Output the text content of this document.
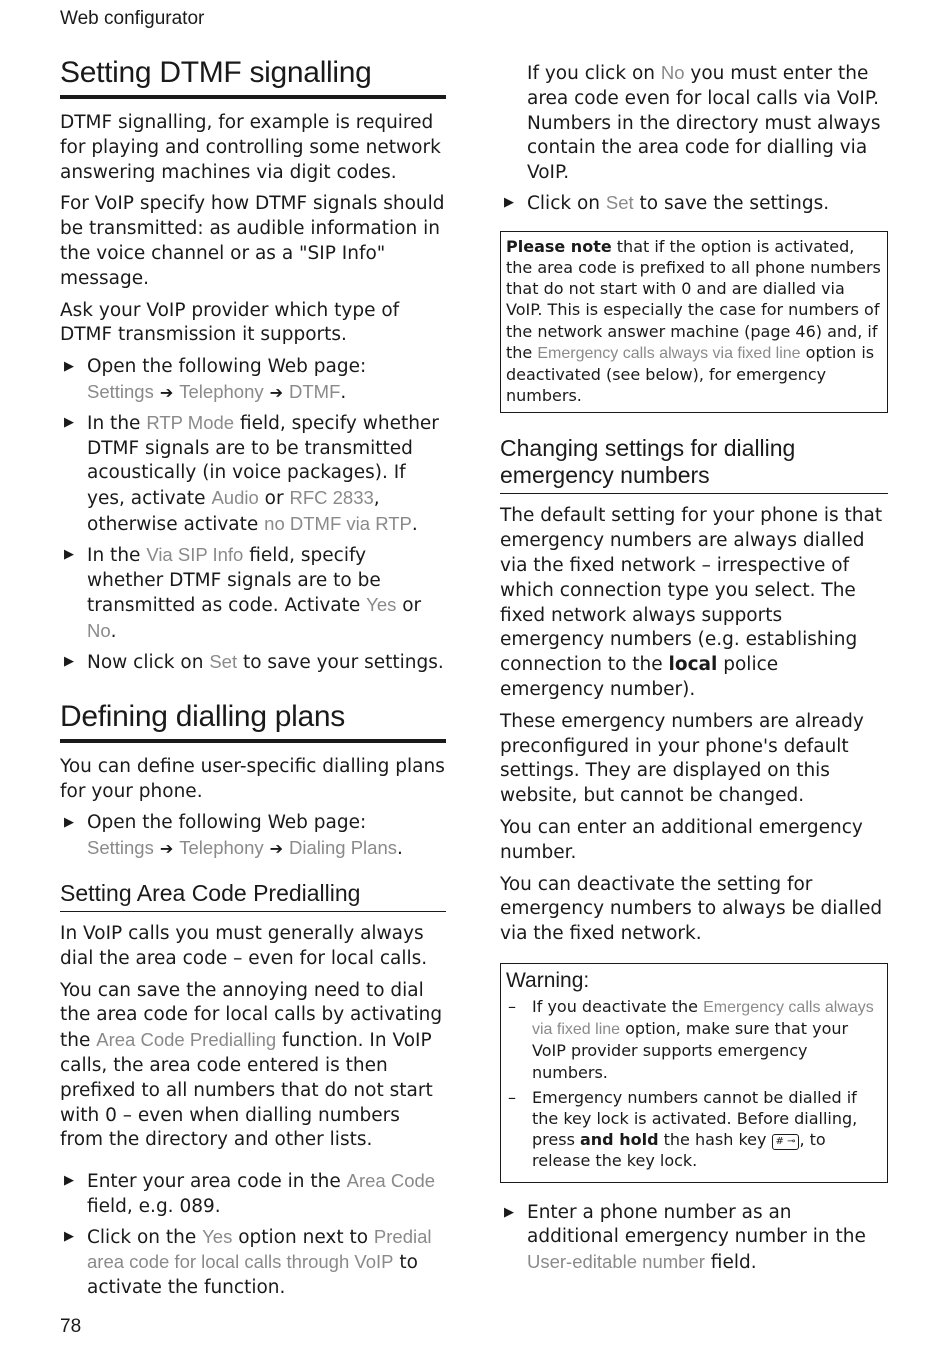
Web configurator
Setting DTMF signalling

DTMF signalling, for example is required for playing and controlling some network answering machines via digit codes.

For VoIP specify how DTMF signals should be transmitted: as audible information in the voice channel or as a "SIP Info" message.

Ask your VoIP provider which type of DTMF transmission it supports.

▶ Open the following Web page:
Settings ➔ Telephony ➔ DTMF.
▶ In the RTP Mode field, specify whether DTMF signals are to be transmitted acoustically (in voice packages). If yes, activate Audio or RFC 2833, otherwise activate no DTMF via RTP.
▶ In the Via SIP Info field, specify whether DTMF signals are to be transmitted as code. Activate Yes or No.
▶ Now click on Set to save your settings.
Defining dialling plans

You can define user-specific dialling plans for your phone.

▶ Open the following Web page:
Settings ➔ Telephony ➔ Dialing Plans.
Setting Area Code Predialling

In VoIP calls you must generally always dial the area code – even for local calls.

You can save the annoying need to dial the area code for local calls by activating the Area Code Predialling function. In VoIP calls, the area code entered is then prefixed to all numbers that do not start with 0 – even when dialling numbers from the directory and other lists.

▶ Enter your area code in the Area Code field, e.g. 089.
▶ Click on the Yes option next to Predial area code for local calls through VoIP to activate the function.
If you click on No you must enter the area code even for local calls via VoIP. Numbers in the directory must always contain the area code for dialling via VoIP.
▶ Click on Set to save the settings.
Please note that if the option is activated, the area code is prefixed to all phone numbers that do not start with 0 and are dialled via VoIP. This is especially the case for numbers of the network answer machine (page 46) and, if the Emergency calls always via fixed line option is deactivated (see below), for emergency numbers.
Changing settings for dialling emergency numbers

The default setting for your phone is that emergency numbers are always dialled via the fixed network – irrespective of which connection type you select. The fixed network always supports emergency numbers (e.g. establishing connection to the local police emergency number).

These emergency numbers are already preconfigured in your phone's default settings. They are displayed on this website, but cannot be changed.

You can enter an additional emergency number.

You can deactivate the setting for emergency numbers to always be dialled via the fixed network.

Warning:
– If you deactivate the Emergency calls always via fixed line option, make sure that your VoIP provider supports emergency numbers.
– Emergency numbers cannot be dialled if the key lock is activated. Before dialling, press and hold the hash key # ⊸ , to release the key lock.
▶ Enter a phone number as an additional emergency number in the User-editable number field.
78
